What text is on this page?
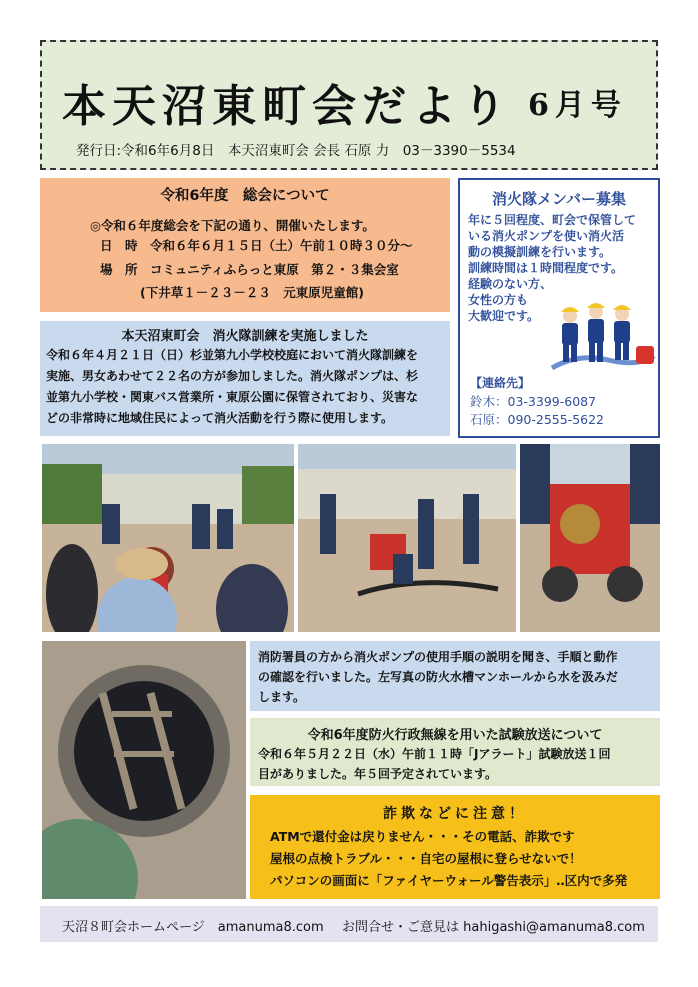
本天沼東町会だより 6月号
発行日:令和6年6月8日　本天沼東町会 会長 石原 力　03－3390－5534
令和6年度　総会について
◎令和６年度総会を下記の通り、開催いたします。
日　時　令和６年６月１５日（土）午前１０時３０分～
場　所　コミュニティふらっと東原　第２・３集会室
(下井草１－２３－２３　元東原児童館)
本天沼東町会　消火隊訓練を実施しました
令和６年４月２１日（日）杉並第九小学校校庭において消火隊訓練を
実施、男女あわせて２２名の方が参加しました。消火隊ポンプは、杉
並第九小学校・関東バス営業所・東原公園に保管されており、災害な
どの非常時に地域住民によって消火活動を行う際に使用します。
消火隊メンバー募集
年に５回程度、町会で保管して
いる消火ポンプを使い消火活
動の模擬訓練を行います。
訓練時間は１時間程度です。
経験のない方、
女性の方も
大歓迎です。
【連絡先】
鈴木：03-3399-6087
石原：090-2555-5622
消防署員の方から消火ポンプの使用手順の説明を聞き、手順と動作
の確認を行いました。左写真の防火水槽マンホールから水を汲みだ
します。
令和6年度防火行政無線を用いた試験放送について
令和６年５月２２日（水）午前１１時「Jアラート」試験放送１回
目がありました。年５回予定されています。
詐欺などに注意！
ATMで還付金は戻りません・・・その電話、詐欺です
屋根の点検トラブル・・・自宅の屋根に登らせないで！
パソコンの画面に「ファイヤーウォール警告表示」‥区内で多発
天沼８町会ホームページ　amanuma8.com お問合せ・ご意見は hahigashi@amanuma8.com
